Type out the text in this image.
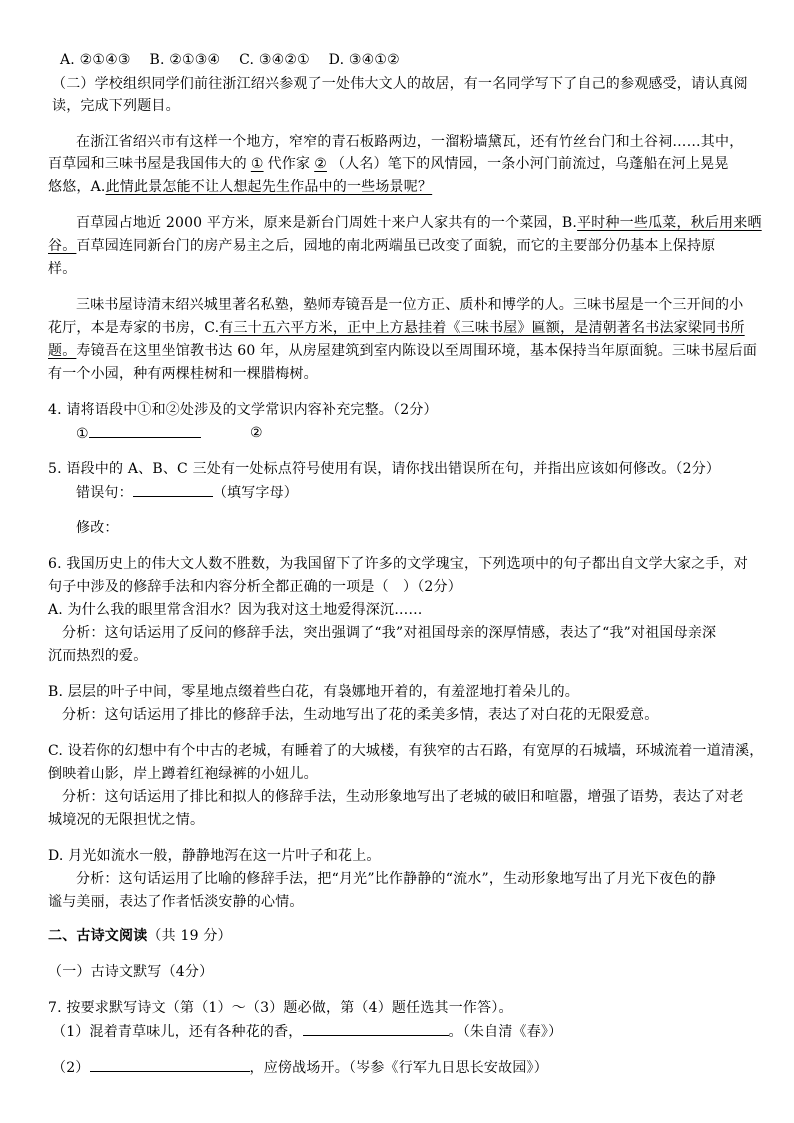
A. ②①④③　 B. ②①③④　 C. ③④②①　 D. ③④①②
（二）学校组织同学们前往浙江绍兴参观了一处伟大文人的故居，有一名同学写下了自己的参观感受，请认真阅
读，完成下列题目。
在浙江省绍兴市有这样一个地方，窄窄的青石板路两边，一溜粉墙黛瓦，还有竹丝台门和土谷祠……其中，
百草园和三味书屋是我国伟大的 ① 代作家 ② （人名）笔下的风情园，一条小河门前流过，乌蓬船在河上晃晃
悠悠，A.此情此景怎能不让人想起先生作品中的一些场景呢？
百草园占地近 2000 平方米，原来是新台门周姓十来户人家共有的一个菜园，B.平时种一些瓜菜，秋后用来晒
谷。百草园连同新台门的房产易主之后，园地的南北两端虽已改变了面貌，而它的主要部分仍基本上保持原
样。
三味书屋诗清末绍兴城里著名私塾，塾师寿镜吾是一位方正、质朴和博学的人。三味书屋是一个三开间的小
花厅，本是寿家的书房，C.有三十五六平方米，正中上方悬挂着《三味书屋》匾额，是清朝著名书法家梁同书所
题。寿镜吾在这里坐馆教书达 60 年，从房屋建筑到室内陈设以至周围环境，基本保持当年原面貌。三味书屋后面
有一个小园，种有两棵桂树和一棵腊梅树。
4. 请将语段中①和②处涉及的文学常识内容补充完整。（2分）
①	②
5. 语段中的 A、B、C 三处有一处标点符号使用有误，请你找出错误所在句，并指出应该如何修改。（2分）
错误句：	（填写字母）
修改：
6. 我国历史上的伟大文人数不胜数，为我国留下了许多的文学瑰宝，下列选项中的句子都出自文学大家之手，对
句子中涉及的修辞手法和内容分析全都正确的一项是（　）（2分）
A. 为什么我的眼里常含泪水？因为我对这土地爱得深沉……
分析：这句话运用了反问的修辞手法，突出强调了“我”对祖国母亲的深厚情感，表达了“我”对祖国母亲深
沉而热烈的爱。
B. 层层的叶子中间，零星地点缀着些白花，有袅娜地开着的，有羞涩地打着朵儿的。
分析：这句话运用了排比的修辞手法，生动地写出了花的柔美多情，表达了对白花的无限爱意。
C. 设若你的幻想中有个中古的老城，有睡着了的大城楼，有狭窄的古石路，有宽厚的石城墙，环城流着一道清溪，
倒映着山影，岸上蹲着红袍绿裤的小妞儿。
分析：这句话运用了排比和拟人的修辞手法，生动形象地写出了老城的破旧和喧嚣，增强了语势，表达了对老
城境况的无限担忧之情。
D. 月光如流水一般，静静地泻在这一片叶子和花上。
分析：这句话运用了比喻的修辞手法，把“月光”比作静静的“流水”，生动形象地写出了月光下夜色的静
谧与美丽，表达了作者恬淡安静的心情。
二、古诗文阅读（共 19 分）
（一）古诗文默写（4分）
7. 按要求默写诗文（第（1）～（3）题必做，第（4）题任选其一作答）。
（1）混着青草味儿，还有各种花的香，	。（朱自清《春》）
（2）	，应傍战场开。（岑参《行军九日思长安故园》）
